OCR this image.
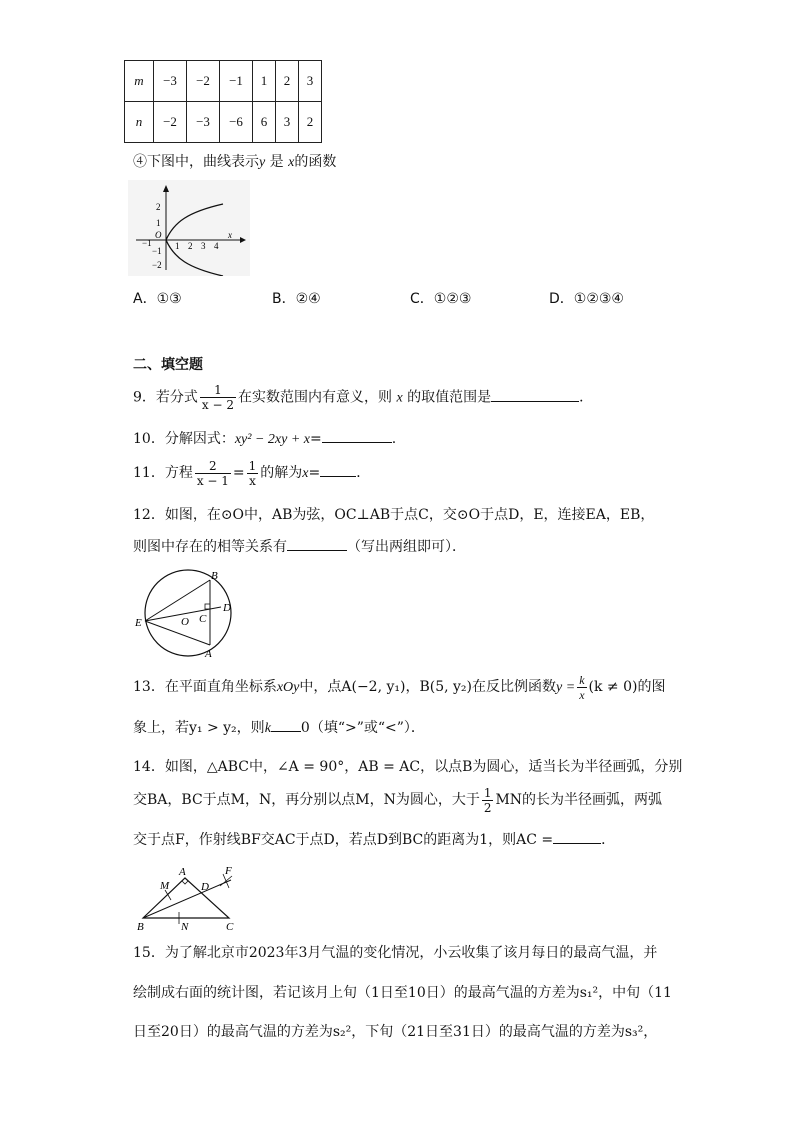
m	−3	−2	−1	1	2	3
n	−2	−3	−6	6	3	2
④下图中，曲线表示y 是 x的函数
2
1
−1
−2
−1
O
1 2 3 4
x
A．①③	B．②④	C．①②③	D．①②③④
二、填空题
9．若分式 $\frac{1}{x - 2}$ 在实数范围内有意义，则 x 的取值范围是	．
10．分解因式：xy² − 2xy + x=	.
11．方程 $\frac{2}{x - 1} = \frac{1}{x}$ 的解为x=	．
12．如图，在⊙O中，AB为弦，OC⊥AB于点C，交⊙O于点D，E，连接EA，EB，
则图中存在的相等关系有	（写出两组即可）．
B
D
E	O C
A
13．在平面直角坐标系xOy中，点A(−2, y₁)，B(5, y₂)在反比例函数$y = \frac{k}{x} (k \ne 0)$的图
象上，若y₁ > y₂，则k 0（填“>”或“<”）．
14．如图，△ABC中，∠A = 90°，AB = AC，以点B为圆心，适当长为半径画弧，分别
交BA，BC于点M，N，再分别以点M，N为圆心，大于 $\frac{1}{2}$ MN的长为半径画弧，两弧
交于点F，作射线BF交AC于点D，若点D到BC的距离为1，则AC =	．
A
M	D
F
B	N	C
15．为了解北京市2023年3月气温的变化情况，小云收集了该月每日的最高气温，并
绘制成右面的统计图，若记该月上旬（1日至10日）的最高气温的方差为s₁²，中旬（11
日至20日）的最高气温的方差为s₂²，下旬（21日至31日）的最高气温的方差为s₃²，
